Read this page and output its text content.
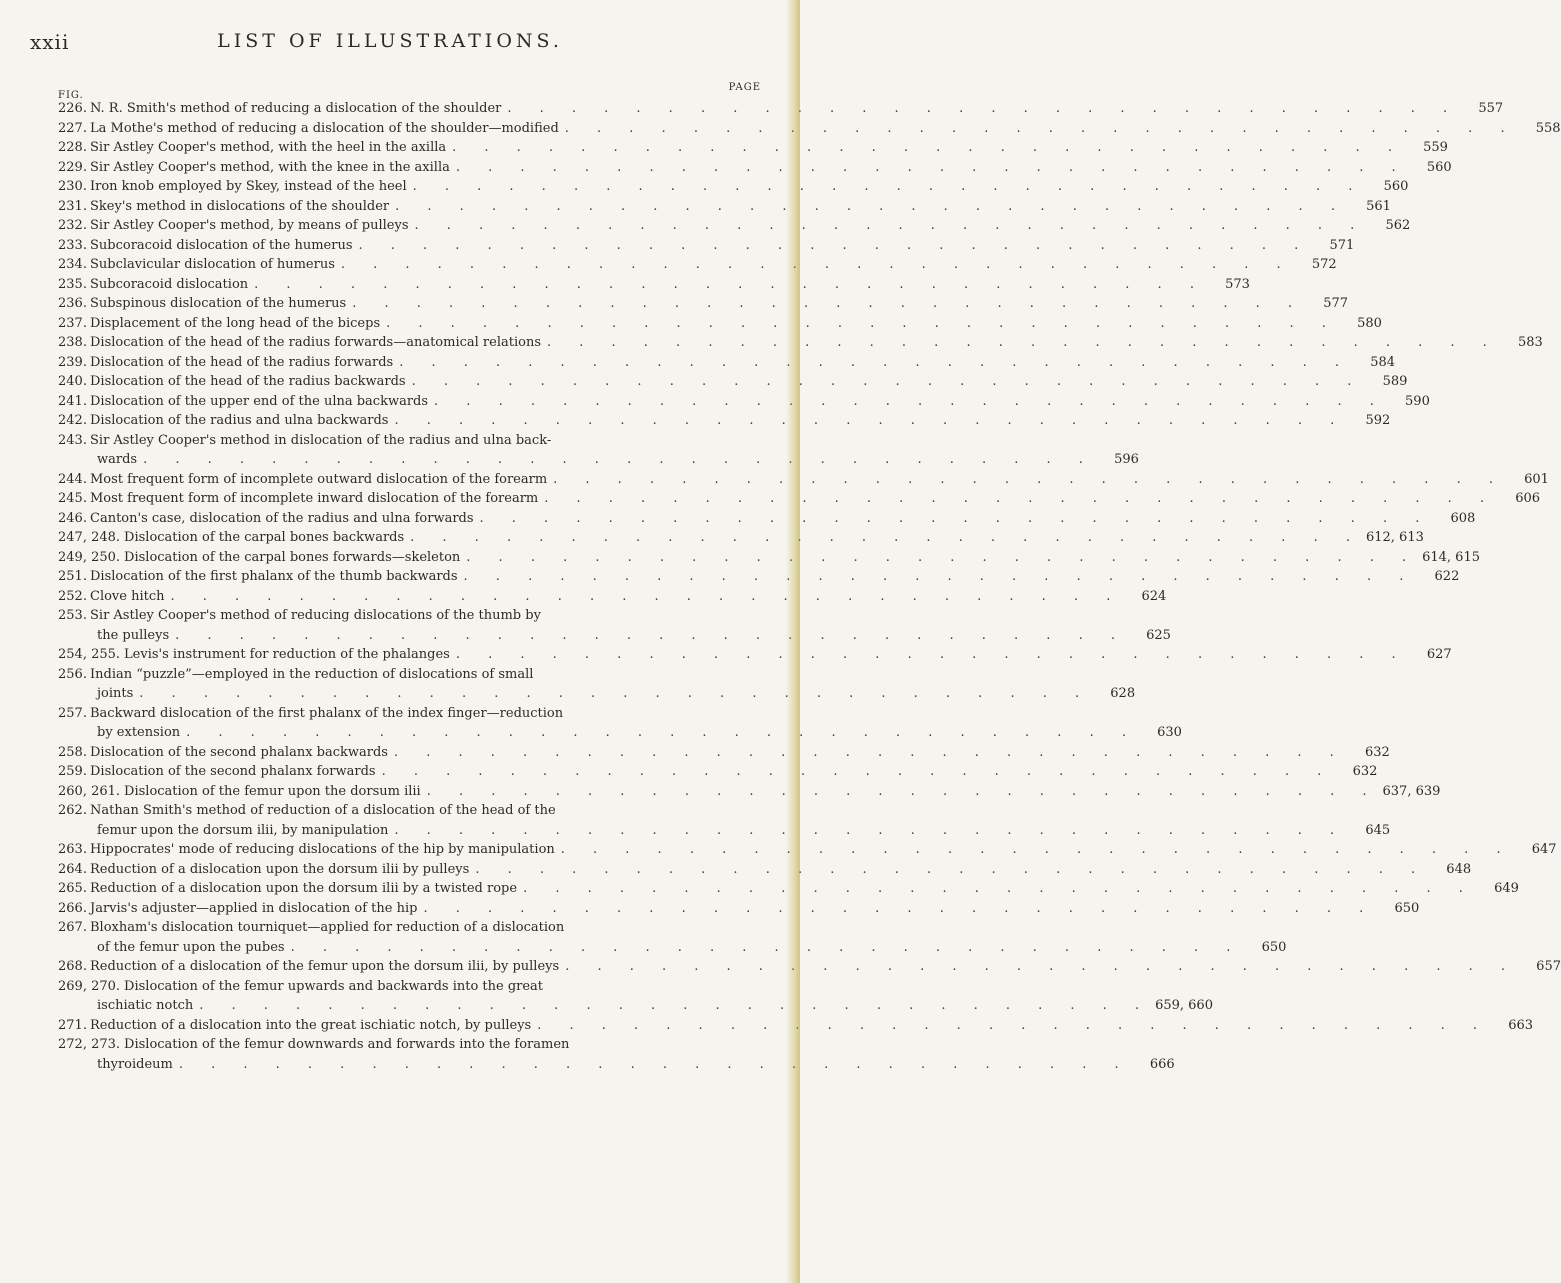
xxii	LIST OF ILLUSTRATIONS.
FIG.
PAGE
226. N. R. Smith's method of reducing a dislocation of the shoulder . . .	557
227. La Mothe's method of reducing a dislocation of the shoulder—modified . . .	558
228. Sir Astley Cooper's method, with the heel in the axilla . . .	559
229. Sir Astley Cooper's method, with the knee in the axilla . . .	560
230. Iron knob employed by Skey, instead of the heel . . .	560
231. Skey's method in dislocations of the shoulder . . .	561
232. Sir Astley Cooper's method, by means of pulleys . . .	562
233. Subcoracoid dislocation of the humerus . . .	571
234. Subclavicular dislocation of humerus . . .	572
235. Subcoracoid dislocation . . .	573
236. Subspinous dislocation of the humerus . . .	577
237. Displacement of the long head of the biceps . . .	580
238. Dislocation of the head of the radius forwards—anatomical relations . . .	583
239. Dislocation of the head of the radius forwards . . .	584
240. Dislocation of the head of the radius backwards . . .	589
241. Dislocation of the upper end of the ulna backwards . . .	590
242. Dislocation of the radius and ulna backwards . . .	592
243. Sir Astley Cooper's method in dislocation of the radius and ulna back-
wards . . .	596
244. Most frequent form of incomplete outward dislocation of the forearm . . .	601
245. Most frequent form of incomplete inward dislocation of the forearm . . .	606
246. Canton's case, dislocation of the radius and ulna forwards . . .	608
247, 248. Dislocation of the carpal bones backwards . . .	612, 613
249, 250. Dislocation of the carpal bones forwards—skeleton . . .	614, 615
251. Dislocation of the first phalanx of the thumb backwards . . .	622
252. Clove hitch . . .	624
253. Sir Astley Cooper's method of reducing dislocations of the thumb by
the pulleys . . .	625
254, 255. Levis's instrument for reduction of the phalanges . . .	627
256. Indian “puzzle”—employed in the reduction of dislocations of small
joints . . .	628
257. Backward dislocation of the first phalanx of the index finger—reduction
by extension . . .	630
258. Dislocation of the second phalanx backwards . . .	632
259. Dislocation of the second phalanx forwards . . .	632
260, 261. Dislocation of the femur upon the dorsum ilii . . .	637, 639
262. Nathan Smith's method of reduction of a dislocation of the head of the
femur upon the dorsum ilii, by manipulation . . .	645
263. Hippocrates' mode of reducing dislocations of the hip by manipulation . . .	647
264. Reduction of a dislocation upon the dorsum ilii by pulleys . . .	648
265. Reduction of a dislocation upon the dorsum ilii by a twisted rope . . .	649
266. Jarvis's adjuster—applied in dislocation of the hip . . .	650
267. Bloxham's dislocation tourniquet—applied for reduction of a dislocation
of the femur upon the pubes . . .	650
268. Reduction of a dislocation of the femur upon the dorsum ilii, by pulleys . . .	657
269, 270. Dislocation of the femur upwards and backwards into the great
ischiatic notch . . .	659, 660
271. Reduction of a dislocation into the great ischiatic notch, by pulleys . . .	663
272, 273. Dislocation of the femur downwards and forwards into the foramen
thyroideum . . .	666
